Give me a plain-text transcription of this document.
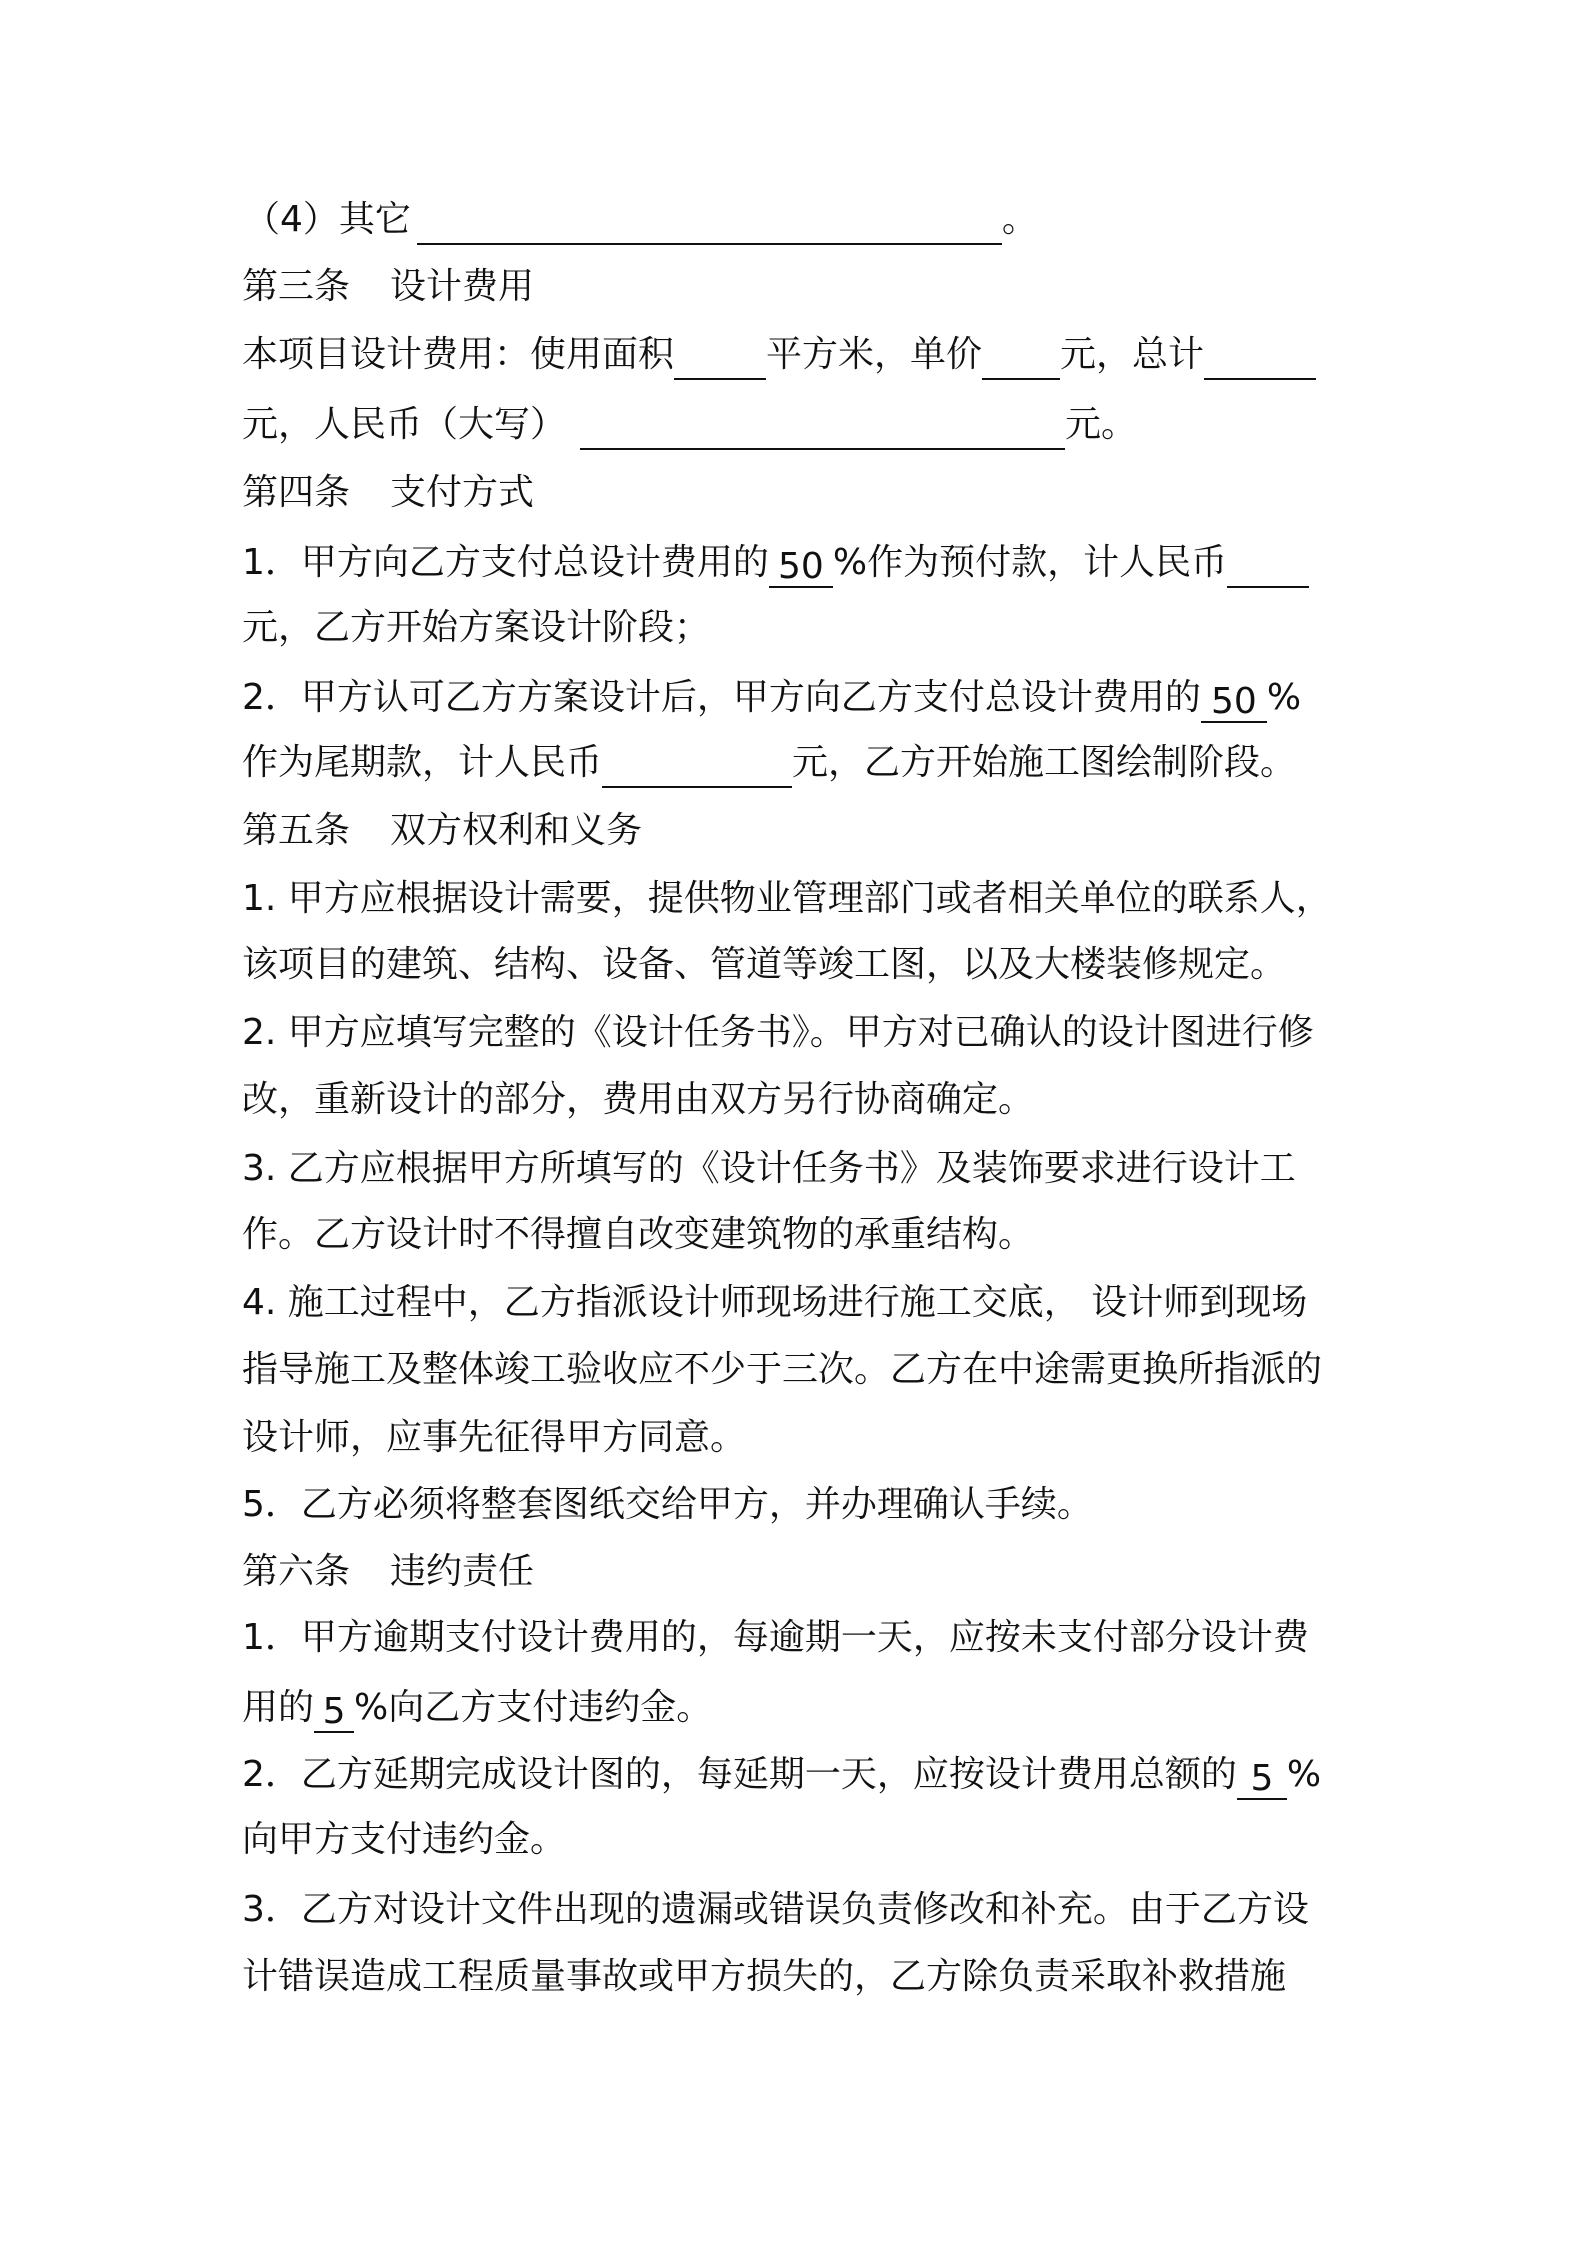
（4）其它	。
第三条 设计费用
本项目设计费用：使用面积	平方米，单价 元，总计
元，人民币（大写）	元。
第四条 支付方式
1．甲方向乙方支付总设计费用的 50 %作为预付款，计人民币
元，乙方开始方案设计阶段；
2．甲方认可乙方方案设计后，甲方向乙方支付总设计费用的 50 %
作为尾期款，计人民币	元，乙方开始施工图绘制阶段。
第五条 双方权利和义务
1. 甲方应根据设计需要，提供物业管理部门或者相关单位的联系人，
该项目的建筑、结构、设备、管道等竣工图，以及大楼装修规定。
2. 甲方应填写完整的《设计任务书》。甲方对已确认的设计图进行修
改，重新设计的部分，费用由双方另行协商确定。
3. 乙方应根据甲方所填写的《设计任务书》及装饰要求进行设计工
作。乙方设计时不得擅自改变建筑物的承重结构。
4. 施工过程中，乙方指派设计师现场进行施工交底， 设计师到现场
指导施工及整体竣工验收应不少于三次。乙方在中途需更换所指派的
设计师，应事先征得甲方同意。
5．乙方必须将整套图纸交给甲方，并办理确认手续。
第六条 违约责任
1．甲方逾期支付设计费用的，每逾期一天，应按未支付部分设计费
用的 5 %向乙方支付违约金。
2．乙方延期完成设计图的，每延期一天，应按设计费用总额的 5 %
向甲方支付违约金。
3．乙方对设计文件出现的遗漏或错误负责修改和补充。由于乙方设
计错误造成工程质量事故或甲方损失的，乙方除负责采取补救措施
